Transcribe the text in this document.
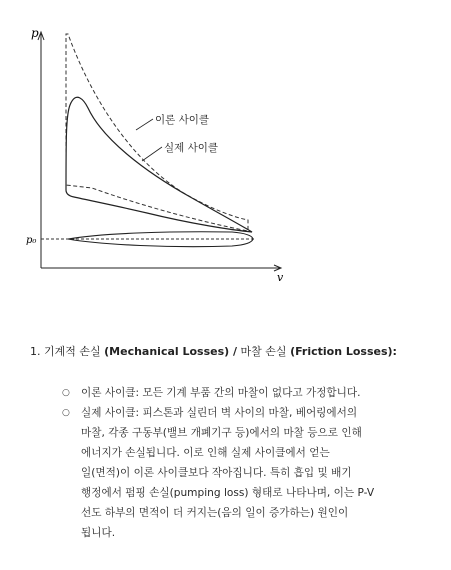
p
v
p₀
이론 사이클
실제 사이클
1. 기계적 손실 (Mechanical Losses) / 마찰 손실 (Friction Losses):
○ 이론 사이클: 모든 기계 부품 간의 마찰이 없다고 가정합니다.
○ 실제 사이클: 피스톤과 실린더 벽 사이의 마찰, 베어링에서의
마찰, 각종 구동부(밸브 개폐기구 등)에서의 마찰 등으로 인해
에너지가 손실됩니다. 이로 인해 실제 사이클에서 얻는
일(면적)이 이론 사이클보다 작아집니다. 특히 흡입 및 배기
행정에서 펌핑 손실(pumping loss) 형태로 나타나며, 이는 P-V
선도 하부의 면적이 더 커지는(음의 일이 증가하는) 원인이
됩니다.
